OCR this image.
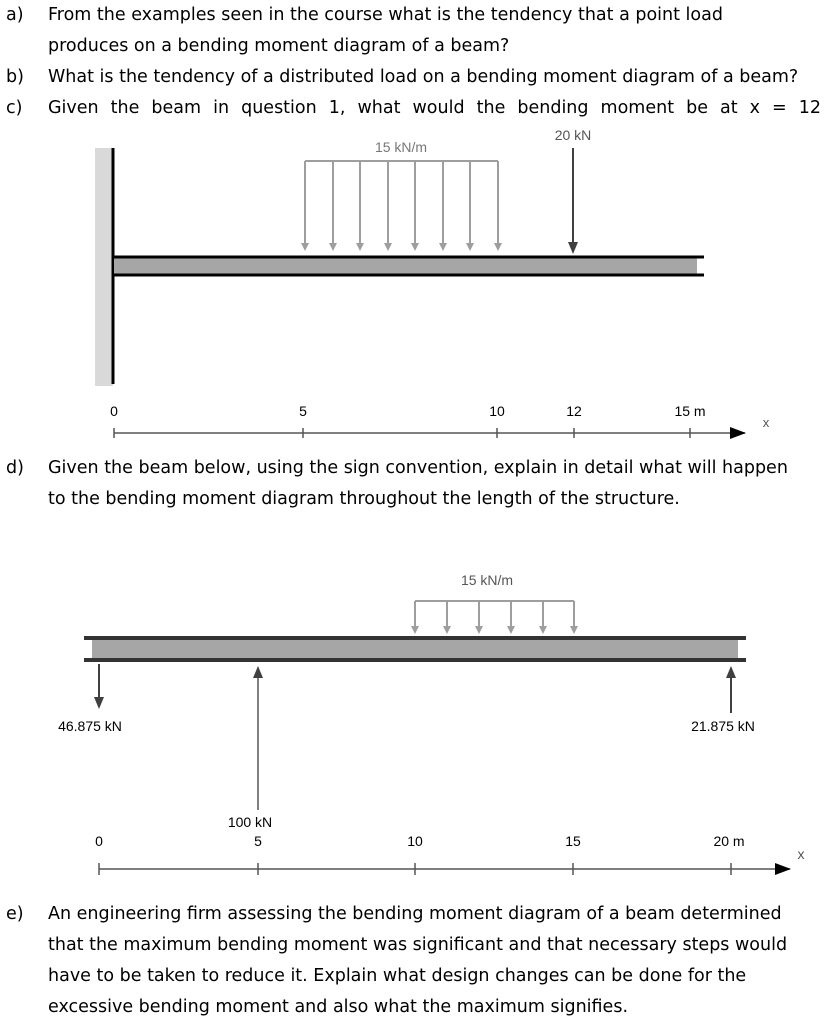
a) From the examples seen in the course what is the tendency that a point load
produces on a bending moment diagram of a beam?
b) What is the tendency of a distributed load on a bending moment diagram of a beam?
c) Given the beam in question 1, what would the bending moment be at x = 12
15 kN/m
20 kN
0	5	10	12	15 m
x
d) Given the beam below, using the sign convention, explain in detail what will happen
to the bending moment diagram throughout the length of the structure.
15 kN/m
46.875 kN
100 kN
21.875 kN
0	5	10	15	20 m
x
e) An engineering firm assessing the bending moment diagram of a beam determined
that the maximum bending moment was significant and that necessary steps would
have to be taken to reduce it. Explain what design changes can be done for the
excessive bending moment and also what the maximum signifies.
